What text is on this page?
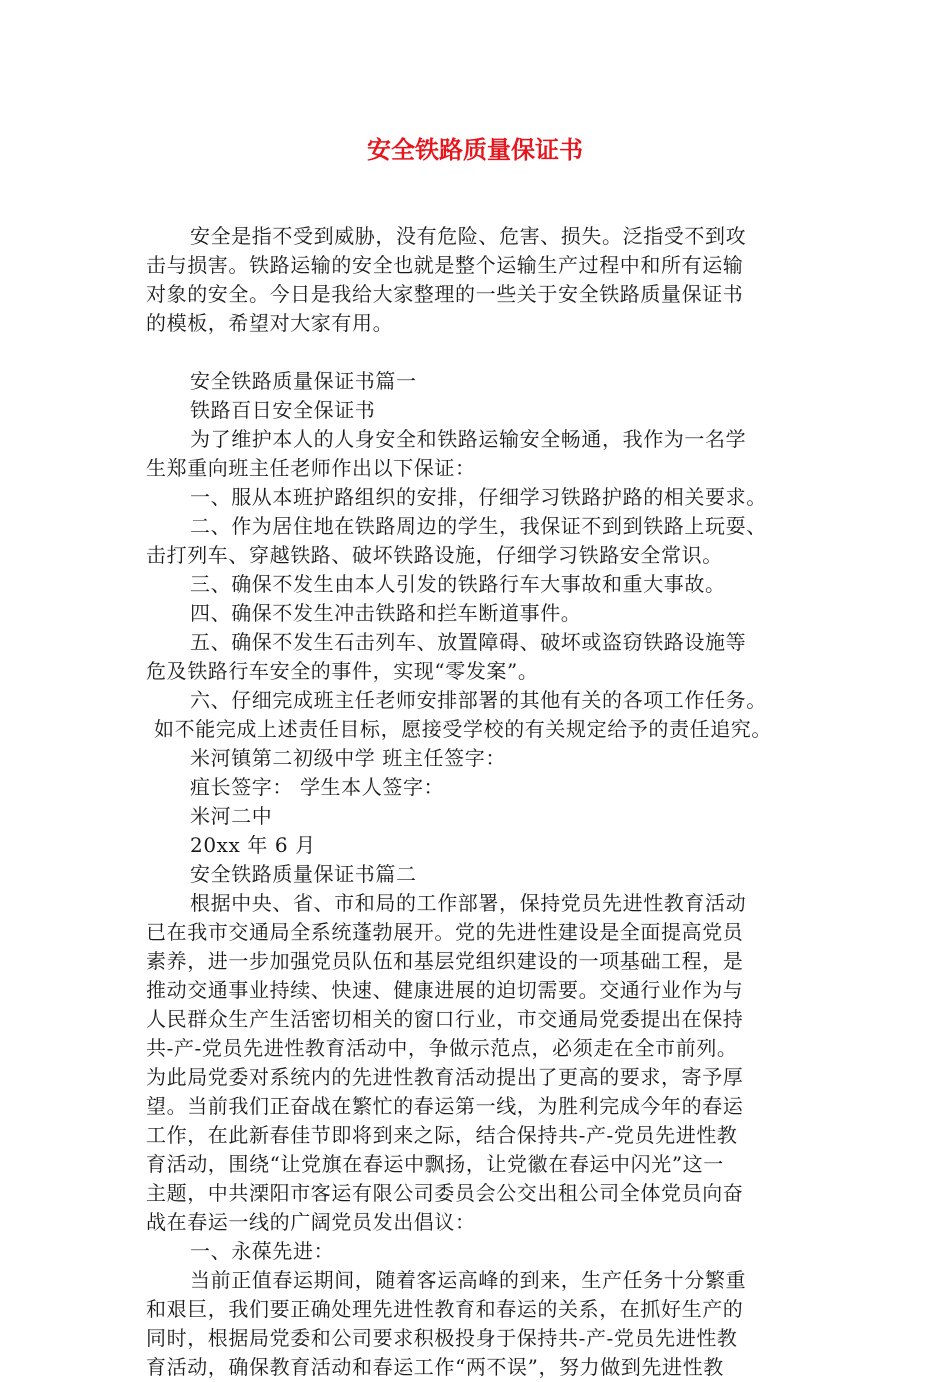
安全铁路质量保证书

安全是指不受到威胁，没有危险、危害、损失。泛指受不到攻

击与损害。铁路运输的安全也就是整个运输生产过程中和所有运输

对象的安全。今日是我给大家整理的一些关于安全铁路质量保证书

的模板，希望对大家有用。

安全铁路质量保证书篇一

铁路百日安全保证书

为了维护本人的人身安全和铁路运输安全畅通，我作为一名学

生郑重向班主任老师作出以下保证：

一、服从本班护路组织的安排，仔细学习铁路护路的相关要求。

二、作为居住地在铁路周边的学生，我保证不到到铁路上玩耍、

击打列车、穿越铁路、破坏铁路设施，仔细学习铁路安全常识。

三、确保不发生由本人引发的铁路行车大事故和重大事故。

四、确保不发生冲击铁路和拦车断道事件。

五、确保不发生石击列车、放置障碍、破坏或盗窃铁路设施等

危及铁路行车安全的事件，实现“零发案”。

六、仔细完成班主任老师安排部署的其他有关的各项工作任务。

如不能完成上述责任目标，愿接受学校的有关规定给予的责任追究。

米河镇第二初级中学 班主任签字：

疽长签字： 学生本人签字：

米河二中

20xx 年 6 月

安全铁路质量保证书篇二

根据中央、省、市和局的工作部署，保持党员先进性教育活动

已在我市交通局全系统蓬勃展开。党的先进性建设是全面提高党员

素养，进一步加强党员队伍和基层党组织建设的一项基础工程，是

推动交通事业持续、快速、健康进展的迫切需要。交通行业作为与

人民群众生产生活密切相关的窗口行业，市交通局党委提出在保持

共-产-党员先进性教育活动中，争做示范点，必须走在全市前列。

为此局党委对系统内的先进性教育活动提出了更高的要求，寄予厚

望。当前我们正奋战在繁忙的春运第一线，为胜利完成今年的春运

工作，在此新春佳节即将到来之际，结合保持共-产-党员先进性教

育活动，围绕“让党旗在春运中飘扬，让党徽在春运中闪光”这一

主题，中共溧阳市客运有限公司委员会公交出租公司全体党员向奋

战在春运一线的广阔党员发出倡议：

一、永葆先进：

当前正值春运期间，随着客运高峰的到来，生产任务十分繁重

和艰巨，我们要正确处理先进性教育和春运的关系，在抓好生产的

同时，根据局党委和公司要求积极投身于保持共-产-党员先进性教

育活动，确保教育活动和春运工作“两不误”，努力做到先进性教
